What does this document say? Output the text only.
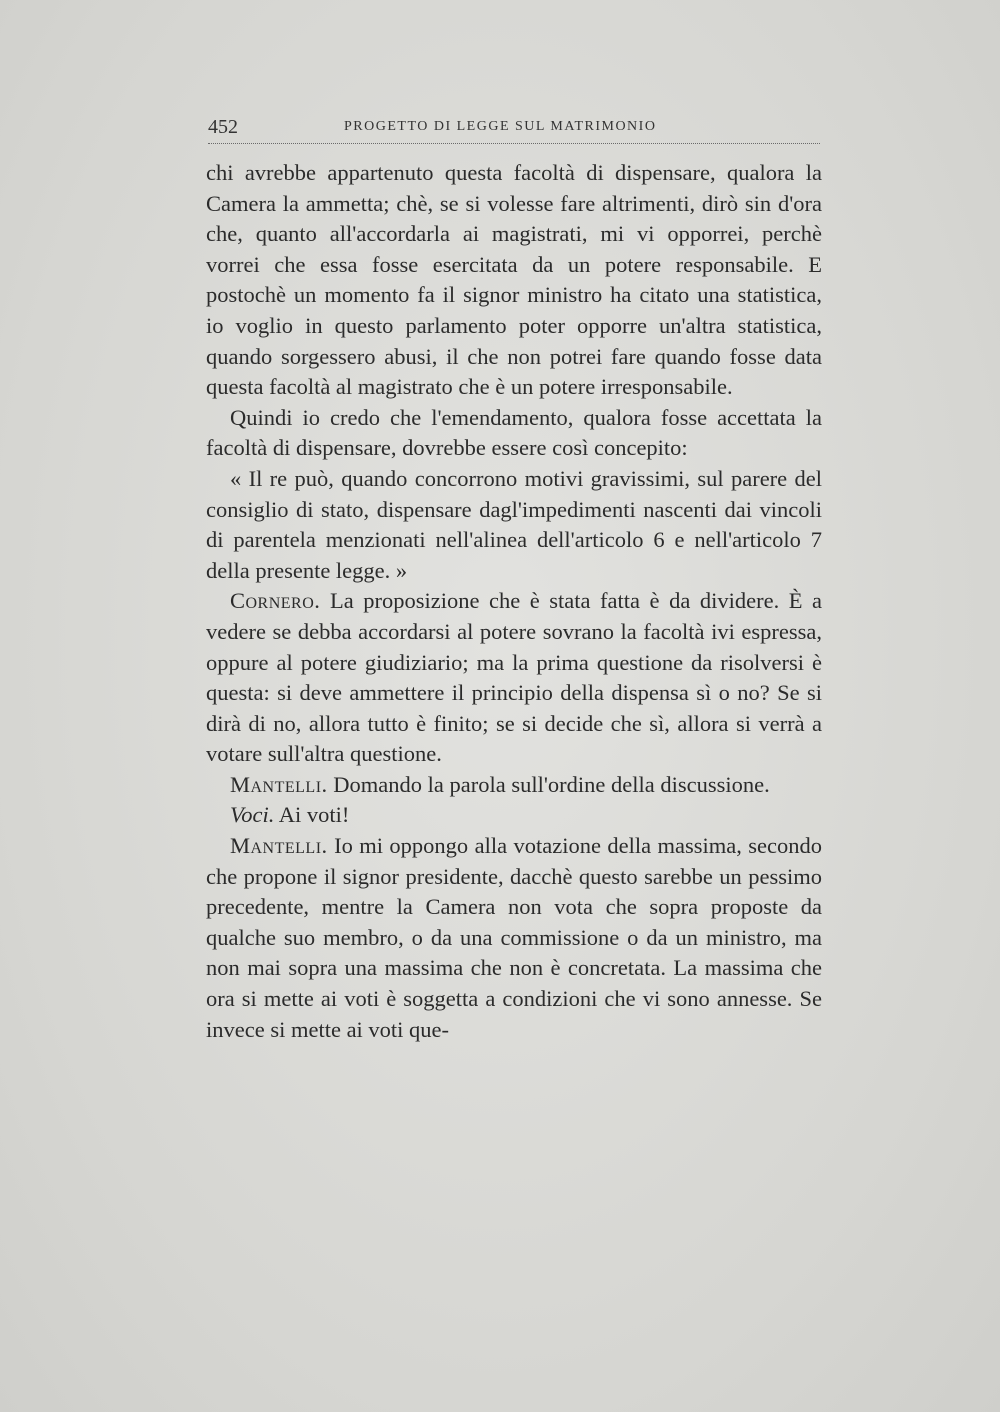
452	PROGETTO DI LEGGE SUL MATRIMONIO

chi avrebbe appartenuto questa facoltà di dispensare, qualora la Camera la ammetta; chè, se si volesse fare altrimenti, dirò sin d'ora che, quanto all'accordarla ai magistrati, mi vi opporrei, perchè vorrei che essa fosse esercitata da un potere responsabile. E postochè un momento fa il signor ministro ha citato una statistica, io voglio in questo parlamento poter opporre un'altra statistica, quando sorgessero abusi, il che non potrei fare quando fosse data questa facoltà al magistrato che è un potere irresponsabile.

Quindi io credo che l'emendamento, qualora fosse accettata la facoltà di dispensare, dovrebbe essere così concepito:

« Il re può, quando concorrono motivi gravissimi, sul parere del consiglio di stato, dispensare dagl'impedimenti nascenti dai vincoli di parentela menzionati nell'alinea dell'articolo 6 e nell'articolo 7 della presente legge. »

Cornero. La proposizione che è stata fatta è da dividere. È a vedere se debba accordarsi al potere sovrano la facoltà ivi espressa, oppure al potere giudiziario; ma la prima questione da risolversi è questa: si deve ammettere il principio della dispensa sì o no? Se si dirà di no, allora tutto è finito; se si decide che sì, allora si verrà a votare sull'altra questione.

Mantelli. Domando la parola sull'ordine della discussione.

Voci. Ai voti!

Mantelli. Io mi oppongo alla votazione della massima, secondo che propone il signor presidente, dacchè questo sarebbe un pessimo precedente, mentre la Camera non vota che sopra proposte da qualche suo membro, o da una commissione o da un ministro, ma non mai sopra una massima che non è concretata. La massima che ora si mette ai voti è soggetta a condizioni che vi sono annesse. Se invece si mette ai voti que-
